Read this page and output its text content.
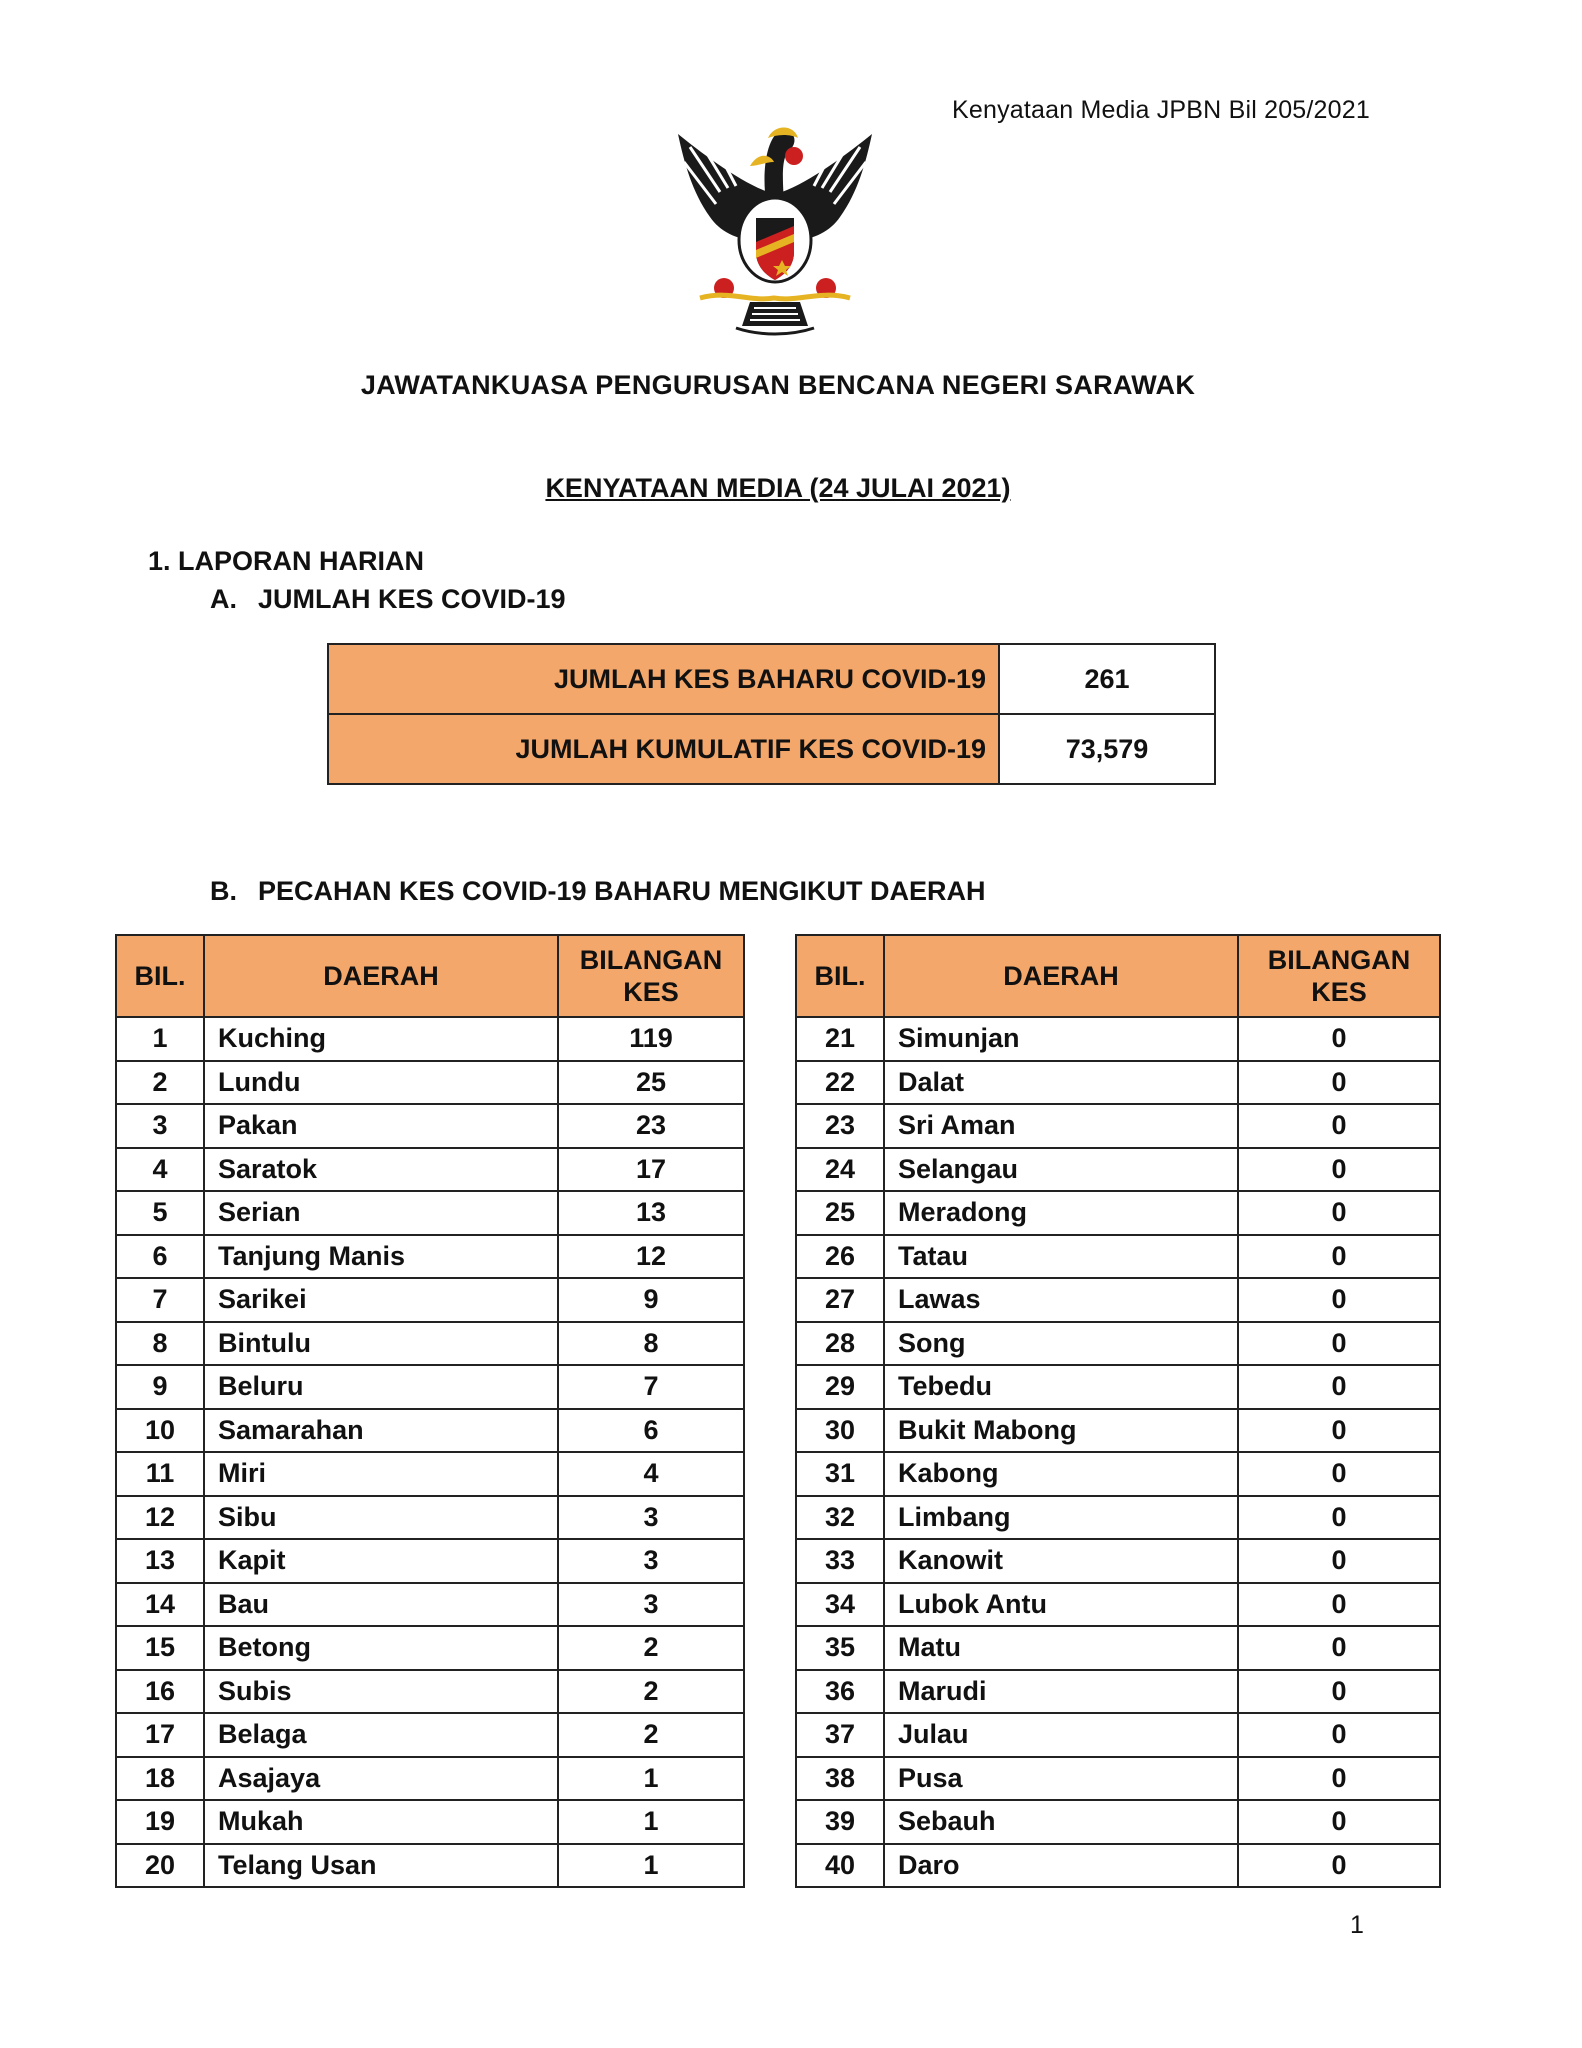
Kenyataan Media JPBN Bil 205/2021
JAWATANKUASA PENGURUSAN BENCANA NEGERI SARAWAK
KENYATAAN MEDIA (24 JULAI 2021)
1. LAPORAN HARIAN
A. JUMLAH KES COVID-19
JUMLAH KES BAHARU COVID-19	261
JUMLAH KUMULATIF KES COVID-19	73,579
B. PECAHAN KES COVID-19 BAHARU MENGIKUT DAERAH
BIL.	DAERAH	BILANGAN
KES
1	Kuching	119
2	Lundu	25
3	Pakan	23
4	Saratok	17
5	Serian	13
6	Tanjung Manis	12
7	Sarikei	9
8	Bintulu	8
9	Beluru	7
10	Samarahan	6
11	Miri	4
12	Sibu	3
13	Kapit	3
14	Bau	3
15	Betong	2
16	Subis	2
17	Belaga	2
18	Asajaya	1
19	Mukah	1
20	Telang Usan	1
BIL.	DAERAH	BILANGAN
KES
21	Simunjan	0
22	Dalat	0
23	Sri Aman	0
24	Selangau	0
25	Meradong	0
26	Tatau	0
27	Lawas	0
28	Song	0
29	Tebedu	0
30	Bukit Mabong	0
31	Kabong	0
32	Limbang	0
33	Kanowit	0
34	Lubok Antu	0
35	Matu	0
36	Marudi	0
37	Julau	0
38	Pusa	0
39	Sebauh	0
40	Daro	0
1
